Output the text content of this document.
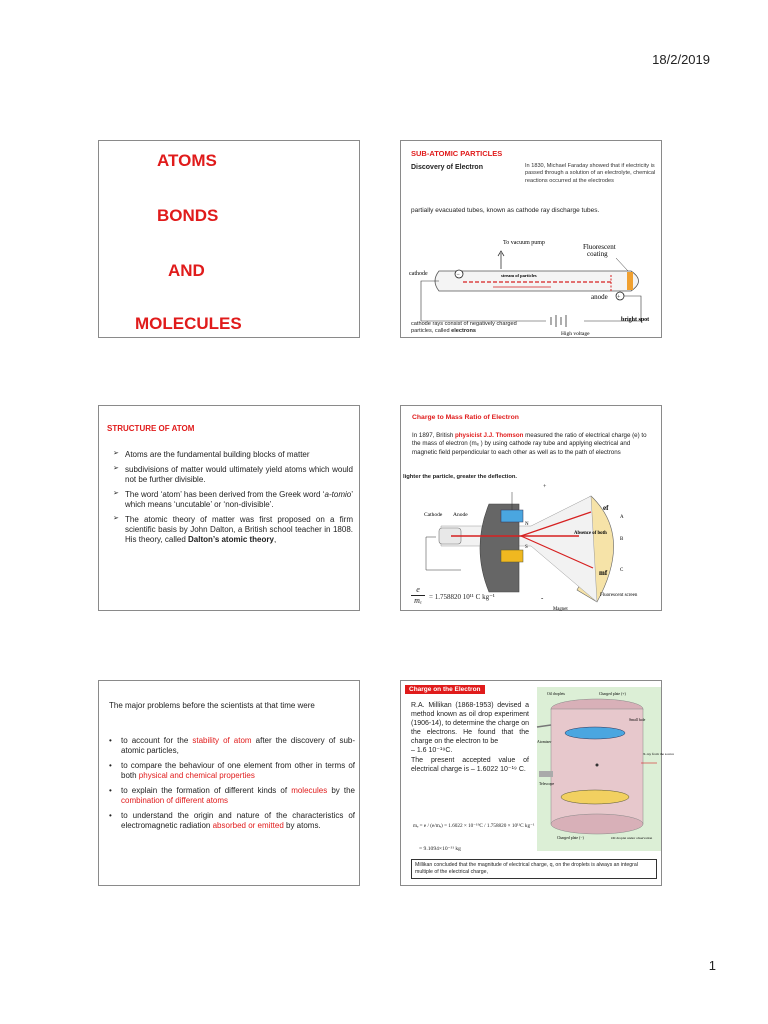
18/2/2019
ATOMS
BONDS
AND
MOLECULES
SUB-ATOMIC PARTICLES
Discovery of Electron	In 1830, Michael Faraday showed that if electricity is passed through a solution of an electrolyte, chemical reactions occurred at the electrodes
partially evacuated tubes, known as cathode ray discharge tubes.
To vacuum pump
−
+
Fluorescent
coating
cathode	stream of particles
anode
bright spot
High voltage
cathode rays consist of negatively charged particles, called electrons
STRUCTURE OF ATOM
➢ Atoms are the fundamental building blocks of matter
➢ subdivisions of matter would ultimately yield atoms which would not be further divisible.
➢ The word ‘atom’ has been derived from the Greek word ‘a-tomio’ which means ‘uncutable’ or ‘non-divisible’.
➢ The atomic theory of matter was first proposed on a firm scientific basis by John Dalton, a British school teacher in 1808. His theory, called Dalton’s atomic theory,
Charge to Mass Ratio of Electron
In 1897, British physicist J.J. Thomson measured the ratio of electrical charge (e) to the mass of electron (mₑ ) by using cathode ray tube and applying electrical and magnetic field perpendicular to each other as well as to the path of electrons
lighter the particle, greater the deflection.
Cathode Anode
+
ef
A
Absence of both
B
C
mf
N
S
Fluorescent screen
Magnet
-
e
mₑ	= 1.758820 10¹¹ C kg⁻¹
The major problems before the scientists at that time were
• to account for the stability of atom after the discovery of sub-atomic particles,
• to compare the behaviour of one element from other in terms of both physical and chemical properties
• to explain the formation of different kinds of molecules by the combination of different atoms
• to understand the origin and nature of the characteristics of electromagnetic radiation absorbed or emitted by atoms.
Charge on the Electron
R.A. Millikan (1868-1953) devised a method known as oil drop experiment (1906-14), to determine the charge on the electrons. He found that the charge on the electron to be
– 1.6 10⁻¹⁹C.
The present accepted value of electrical charge is – 1.6022 10⁻¹⁹ C.
Oil droplets	Charged plate (+)
Small hole
Atomizer
X-ray from the source
Telescope
Charged plate (−)	Oil droplet under observation
mₑ = e / (e/mₑ) = 1.6022 × 10⁻¹⁹C / 1.758820 × 10¹¹C kg⁻¹
= 9.1094×10⁻³¹ kg
Millikan concluded that the magnitude of electrical charge, q, on the droplets is always an integral multiple of the electrical charge,
1
